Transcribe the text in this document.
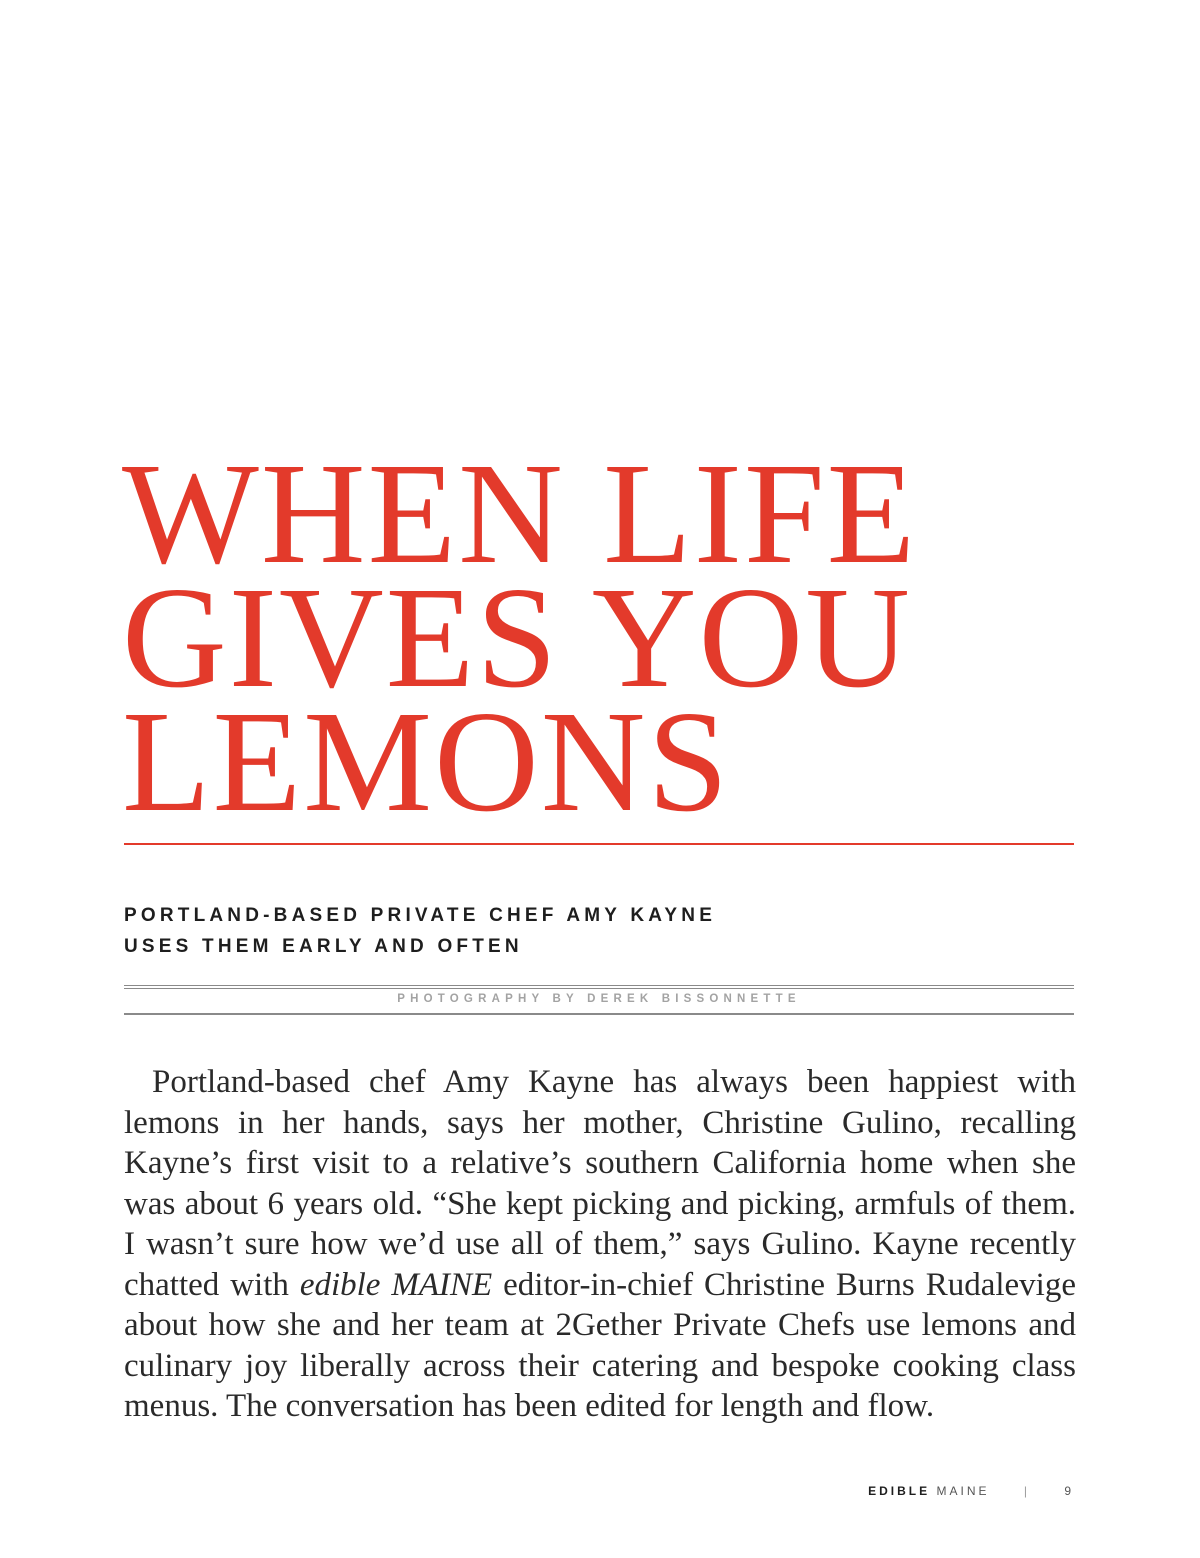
WHEN LIFE
GIVES YOU
LEMONS
PORTLAND-BASED PRIVATE CHEF AMY KAYNE
USES THEM EARLY AND OFTEN
PHOTOGRAPHY BY DEREK BISSONNETTE
Portland-based chef Amy Kayne has always been happiest with
lemons in her hands, says her mother, Christine Gulino, recalling
Kayne’s first visit to a relative’s southern California home when she
was about 6 years old. “She kept picking and picking, armfuls of them.
I wasn’t sure how we’d use all of them,” says Gulino. Kayne recently
chatted with edible MAINE editor-in-chief Christine Burns Rudalevige
about how she and her team at 2Gether Private Chefs use lemons and
culinary joy liberally across their catering and bespoke cooking class
menus. The conversation has been edited for length and flow.
EDIBLE MAINE	|	9
